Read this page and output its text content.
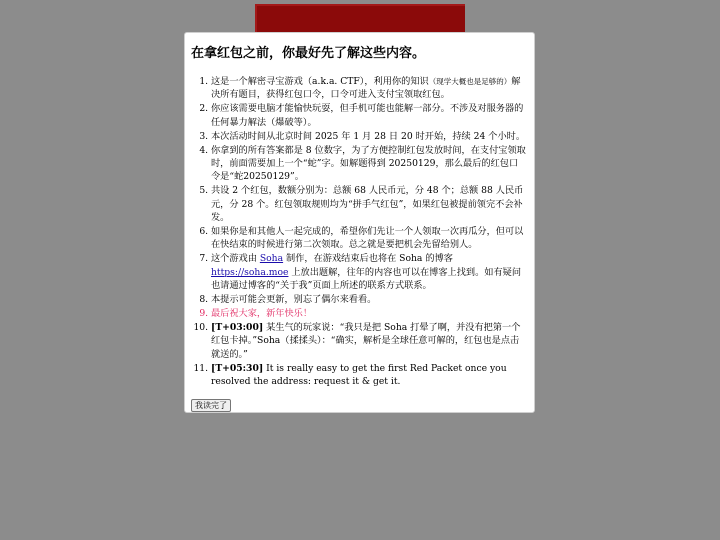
在拿红包之前，你最好先了解这些内容。
1. 这是一个解密寻宝游戏（a.k.a. CTF），利用你的知识（现学大概也是足够的）解决所有题目，获得红包口令，口令可进入支付宝领取红包。
2. 你应该需要电脑才能愉快玩耍，但手机可能也能解一部分。不涉及对服务器的任何暴力解法（爆破等）。
3. 本次活动时间从北京时间 2025 年 1 月 28 日 20 时开始，持续 24 个小时。
4. 你拿到的所有答案都是 8 位数字，为了方便控制红包发放时间，在支付宝领取时，前面需要加上一个“蛇”字。如解题得到 20250129，那么最后的红包口令是“蛇20250129”。
5. 共设 2 个红包，数额分别为：总额 68 人民币元，分 48 个；总额 88 人民币元，分 28 个。红包领取规则均为“拼手气红包”，如果红包被提前领完不会补发。
6. 如果你是和其他人一起完成的，希望你们先让一个人领取一次再瓜分，但可以在快结束的时候进行第二次领取。总之就是要把机会先留给别人。
7. 这个游戏由 Soha 制作，在游戏结束后也将在 Soha 的博客 https://soha.moe 上放出题解，往年的内容也可以在博客上找到。如有疑问也请通过博客的“关于我”页面上所述的联系方式联系。
8. 本提示可能会更新，别忘了偶尔来看看。
9. 最后祝大家，新年快乐！
10. [T+03:00] 某生气的玩家说：“我只是把 Soha 打晕了啊，并没有把第一个红包卡掉。”Soha（揉揉头）：“确实，解析是全球任意可解的，红包也是点击就送的。”
11. [T+05:30] It is really easy to get the first Red Packet once you resolved the address: request it & get it.
我读完了
